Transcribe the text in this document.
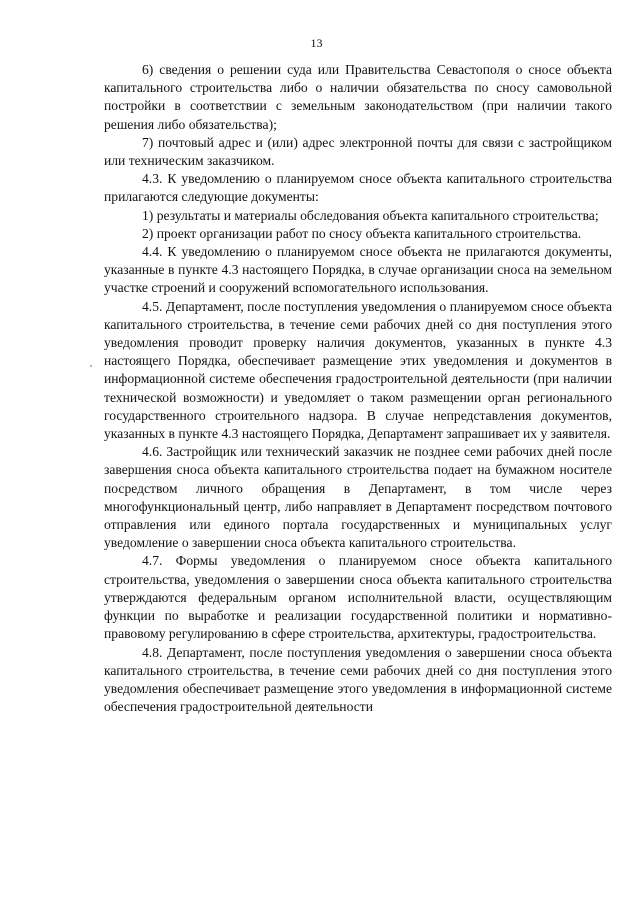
13

6) сведения о решении суда или Правительства Севастополя о сносе объекта капитального строительства либо о наличии обязательства по сносу самовольной постройки в соответствии с земельным законодательством (при наличии такого решения либо обязательства);

7) почтовый адрес и (или) адрес электронной почты для связи с застройщиком или техническим заказчиком.

4.3. К уведомлению о планируемом сносе объекта капитального строительства прилагаются следующие документы:

1) результаты и материалы обследования объекта капитального строительства;

2) проект организации работ по сносу объекта капитального строительства.

4.4. К уведомлению о планируемом сносе объекта не прилагаются документы, указанные в пункте 4.3 настоящего Порядка, в случае организации сноса на земельном участке строений и сооружений вспомогательного использования.

4.5. Департамент, после поступления уведомления о планируемом сносе объекта капитального строительства, в течение семи рабочих дней со дня поступления этого уведомления проводит проверку наличия документов, указанных в пункте 4.3 настоящего Порядка, обеспечивает размещение этих уведомления и документов в информационной системе обеспечения градостроительной деятельности (при наличии технической возможности) и уведомляет о таком размещении орган регионального государственного строительного надзора. В случае непредставления документов, указанных в пункте 4.3 настоящего Порядка, Департамент запрашивает их у заявителя.

4.6. Застройщик или технический заказчик не позднее семи рабочих дней после завершения сноса объекта капитального строительства подает на бумажном носителе посредством личного обращения в Департамент, в том числе через многофункциональный центр, либо направляет в Департамент посредством почтового отправления или единого портала государственных и муниципальных услуг уведомление о завершении сноса объекта капитального строительства.

4.7. Формы уведомления о планируемом сносе объекта капитального строительства, уведомления о завершении сноса объекта капитального строительства утверждаются федеральным органом исполнительной власти, осуществляющим функции по выработке и реализации государственной политики и нормативно-правовому регулированию в сфере строительства, архитектуры, градостроительства.

4.8. Департамент, после поступления уведомления о завершении сноса объекта капитального строительства, в течение семи рабочих дней со дня поступления этого уведомления обеспечивает размещение этого уведомления в информационной системе обеспечения градостроительной деятельности
